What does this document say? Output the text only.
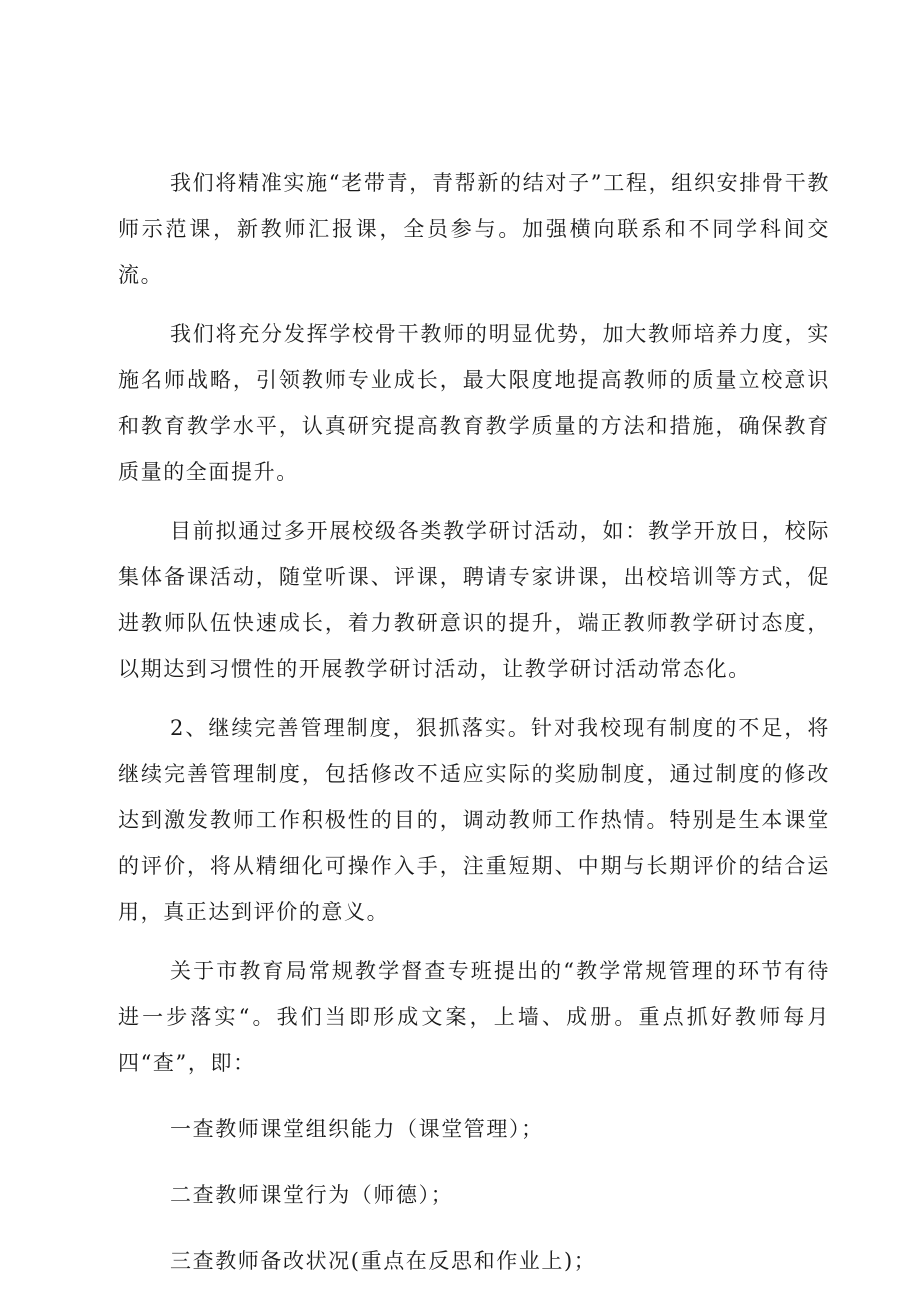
我们将精准实施“老带青，青帮新的结对子”工程，组织安排骨干教师示范课，新教师汇报课，全员参与。加强横向联系和不同学科间交流。

我们将充分发挥学校骨干教师的明显优势，加大教师培养力度，实施名师战略，引领教师专业成长，最大限度地提高教师的质量立校意识和教育教学水平，认真研究提高教育教学质量的方法和措施，确保教育质量的全面提升。

目前拟通过多开展校级各类教学研讨活动，如：教学开放日，校际集体备课活动，随堂听课、评课，聘请专家讲课，出校培训等方式，促进教师队伍快速成长，着力教研意识的提升，端正教师教学研讨态度，以期达到习惯性的开展教学研讨活动，让教学研讨活动常态化。

2、继续完善管理制度，狠抓落实。针对我校现有制度的不足，将继续完善管理制度，包括修改不适应实际的奖励制度，通过制度的修改达到激发教师工作积极性的目的，调动教师工作热情。特别是生本课堂的评价，将从精细化可操作入手，注重短期、中期与长期评价的结合运用，真正达到评价的意义。

关于市教育局常规教学督查专班提出的“教学常规管理的环节有待进一步落实“。我们当即形成文案，上墙、成册。重点抓好教师每月四“查”，即：

一查教师课堂组织能力（课堂管理）；

二查教师课堂行为（师德）；

三查教师备改状况(重点在反思和作业上)；
